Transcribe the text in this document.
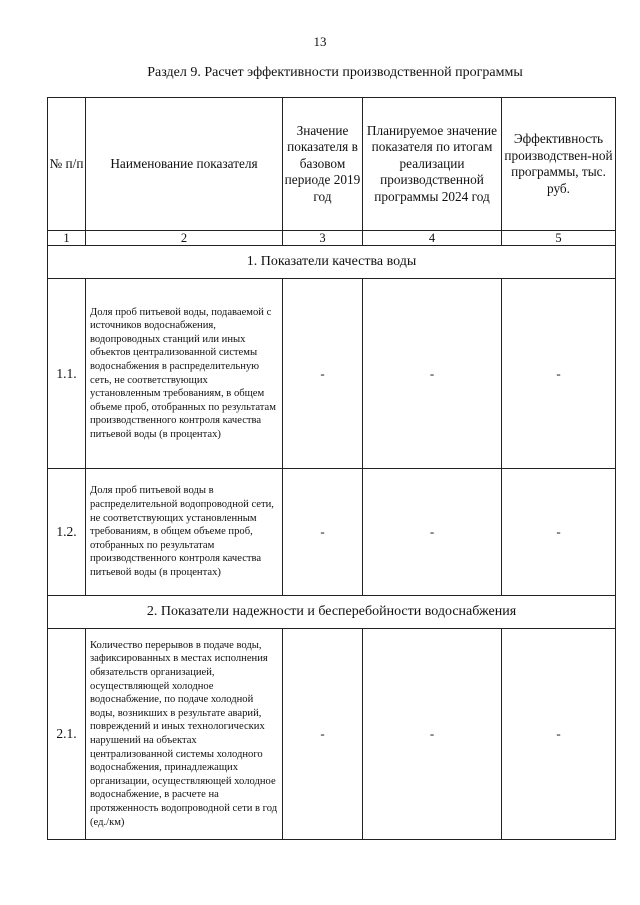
13
Раздел 9. Расчет эффективности производственной программы
№ п/п	Наименование показателя	Значение показателя в базовом периоде 2019 год	Планируемое значение показателя по итогам реализации производственной программы 2024 год	Эффективность производствен-ной программы, тыс. руб.
1	2	3	4	5
1. Показатели качества воды				
1.1.	Доля проб питьевой воды, подаваемой с источников водоснабжения, водопроводных станций или иных объектов централизованной системы водоснабжения в распределительную сеть, не соответствующих установленным требованиям, в общем объеме проб, отобранных по результатам производственного контроля качества питьевой воды (в процентах)	-	-	-
1.2.	Доля проб питьевой воды в распределительной водопроводной сети, не соответствующих установленным требованиям, в общем объеме проб, отобранных по результатам производственного контроля качества питьевой воды (в процентах)	-	-	-
2. Показатели надежности и бесперебойности водоснабжения				
2.1.	Количество перерывов в подаче воды, зафиксированных в местах исполнения обязательств организацией, осуществляющей холодное водоснабжение, по подаче холодной воды, возникших в результате аварий, повреждений и иных технологических нарушений на объектах централизованной системы холодного водоснабжения, принадлежащих организации, осуществляющей холодное водоснабжение, в расчете на протяженность водопроводной сети в год (ед./км)	-	-	-
